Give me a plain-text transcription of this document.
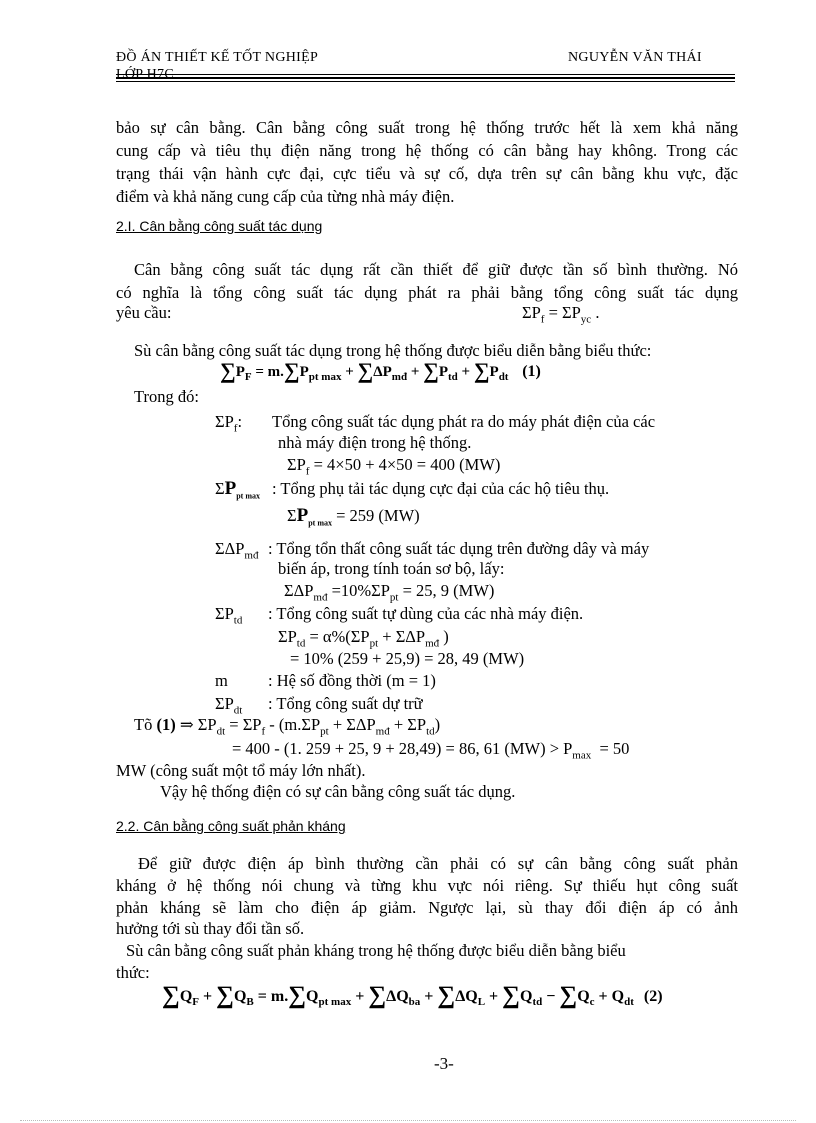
ĐỒ ÁN THIẾT KẾ TỐT NGHIỆP	NGUYỄN VĂN THÁI
LỚP H7C
bảo sự cân bằng. Cân bằng công suất trong hệ thống trước hết là xem khả năng
cung cấp và tiêu thụ điện năng trong hệ thống có cân bằng hay không. Trong các
trạng thái vận hành cực đại, cực tiểu và sự cố, dựa trên sự cân bằng khu vực, đặc
điểm và khả năng cung cấp của từng nhà máy điện.
2.I. Cân bằng công suất tác dụng
Cân bằng công suất tác dụng rất cần thiết để giữ được tần số bình thường. Nó
có nghĩa là tổng công suất tác dụng phát ra phải bằng tổng công suất tác dụng
yêu cầu:	$\Sigma P_f = \Sigma P_{yc}$ .
Sù cân bằng công suất tác dụng trong hệ thống được biểu diễn bằng biểu thức:
$\sum P_F = m.\sum P_{pt max} + \sum\Delta P_{mđ} + \sum P_{td} + \sum P_{dt}$ (1)
Trong đó:
$\Sigma P_f$: Tổng công suất tác dụng phát ra do máy phát điện của các
nhà máy điện trong hệ thống.
$\Sigma P_f = 4\times 50 + 4\times 50 = 400$ (MW)
$\Sigma P_{pt max}$ : Tổng phụ tải tác dụng cực đại của các hộ tiêu thụ.
$\Sigma P_{pt max} = 259$ (MW)
$\Sigma\Delta P_{mđ}$ : Tổng tổn thất công suất tác dụng trên đường dây và máy
biến áp, trong tính toán sơ bộ, lấy:
$\Sigma\Delta P_{mđ} =10\%\Sigma P_{pt} = 25$, 9 (MW)
$\Sigma P_{td}$ : Tổng công suất tự dùng của các nhà máy điện.
$\Sigma P_{td} = \alpha\%(\Sigma P_{pt} + \Sigma\Delta P_{mđ}$ )
= 10% (259 + 25,9) = 28, 49 (MW)
m : Hệ số đồng thời (m = 1)
$\Sigma P_{dt}$ : Tổng công suất dự trữ
Tõ (1) ⇒ $\Sigma P_{dt} = \Sigma P_f - (m.\Sigma P_{pt} + \Sigma\Delta P_{mđ} + \Sigma P_{td})$
= 400 - (1. 259 + 25, 9 + 28,49) = 86, 61 $(MW) > P_{max} = 50$
MW (công suất một tổ máy lớn nhất).
Vậy hệ thống điện có sự cân bằng công suất tác dụng.
2.2. Cân bằng công suất phản kháng
Để giữ được điện áp bình thường cần phải có sự cân bằng công suất phản
kháng ở hệ thống nói chung và từng khu vực nói riêng. Sự thiếu hụt công suất
phản kháng sẽ làm cho điện áp giảm. Ngược lại, sù thay đổi điện áp có ảnh
hưởng tới sù thay đổi tần số.
Sù cân bằng công suất phản kháng trong hệ thống được biểu diễn bằng biểu
thức:
$\sum Q_F + \sum Q_B = m.\sum Q_{pt max} + \sum\Delta Q_{ba} + \sum\Delta Q_L + \sum Q_{td} - \sum Q_c + Q_{dt}$ (2)
-3-
